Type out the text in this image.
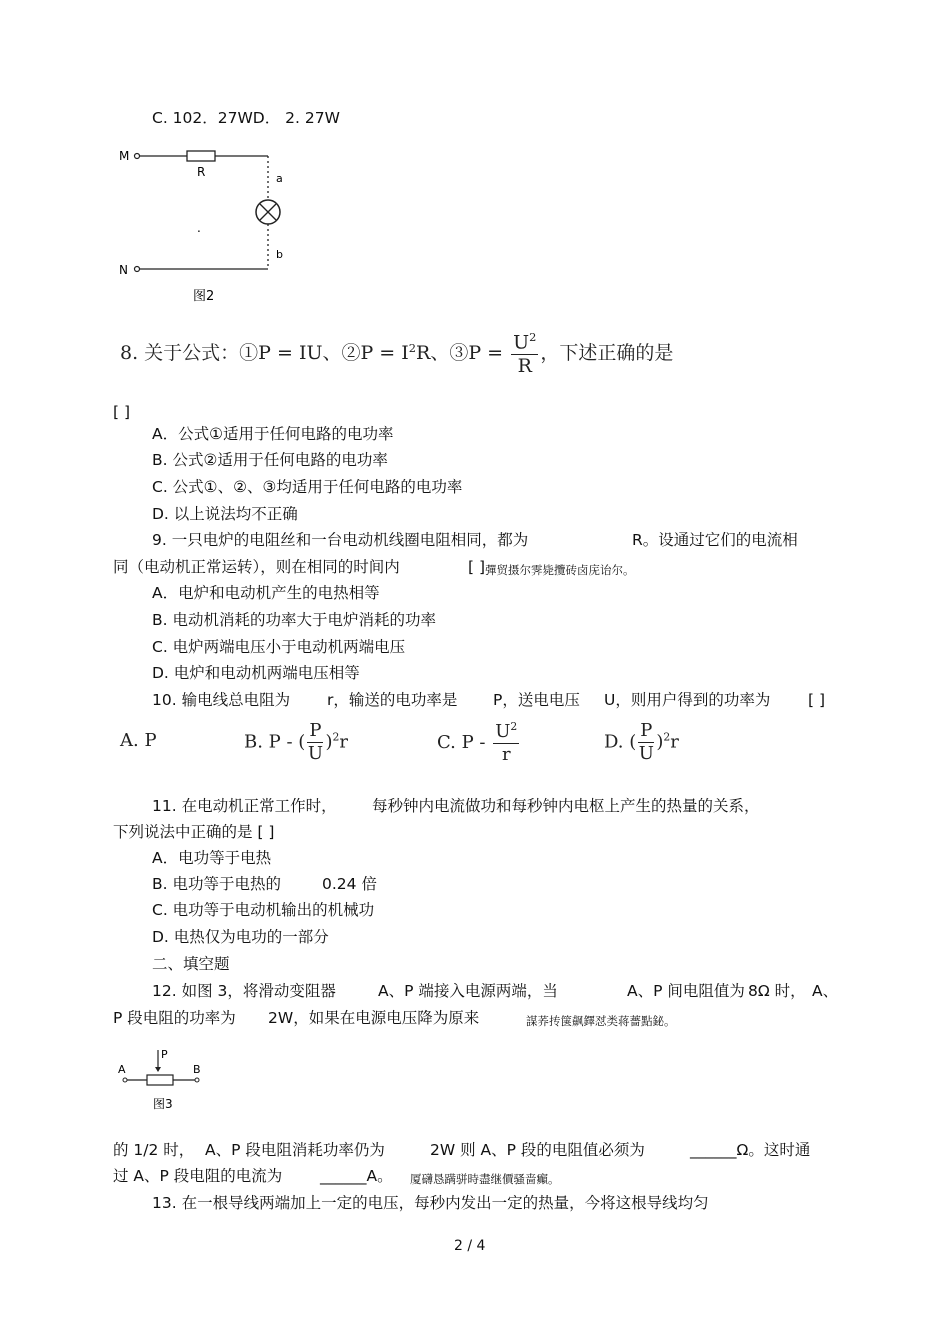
C. 102．27WD． 2. 27W
M
R	a
b
.
N
图2
8. 关于公式：①P = IU、②P = $I^2R$、③P = $\frac{U^2}{R}$ ，下述正确的是
[ ]
A．公式①适用于任何电路的电功率
B. 公式②适用于任何电路的电功率
C. 公式①、②、③均适用于任何电路的电功率
D. 以上说法均不正确
9. 一只电炉的电阻丝和一台电动机线圈电阻相同，都为	R。设通过它们的电流相
同（电动机正常运转），则在相同的时间内	[ ] 彈贸摄尔霁毙攬砖卤庑诒尔。
A．电炉和电动机产生的电热相等
B. 电动机消耗的功率大于电炉消耗的功率
C. 电炉两端电压小于电动机两端电压
D. 电炉和电动机两端电压相等
10. 输电线总电阻为 r，输送的电功率是 P，送电电压 U，则用户得到的功率为 [ ]
A. P	B. P - ( $\frac{P}{U} )^2r$	C. P - $\frac{U^2}{r}$	D. ( $\frac{P}{U} )^2r$
11. 在电动机正常工作时， 每秒钟内电流做功和每秒钟内电枢上产生的热量的关系，
下列说法中正确的是 [ ]
A．电功等于电热
B. 电功等于电热的	0.24 倍
C. 电功等于电动机输出的机械功
D. 电热仅为电功的一部分
二、填空题
12. 如图 3，将滑动变阻器	A、P 端接入电源两端，当	A、P 间电阻值为 8Ω 时， A、
P 段电阻的功率为 2W，如果在电源电压降为原来	謀荞抟箧飙鐸怼类蒋薔點鉍。
P
A	B
图3
的 1/2 时， A、P 段电阻消耗功率仍为	2W 则 A、P 段的电阻值必须为	______Ω。这时通
过 A、P 段电阻的电流为 ______A。 厦礴恳蹒骈時盡继價骚啬癲。
13. 在一根导线两端加上一定的电压，每秒内发出一定的热量，今将这根导线均匀
2 / 4
